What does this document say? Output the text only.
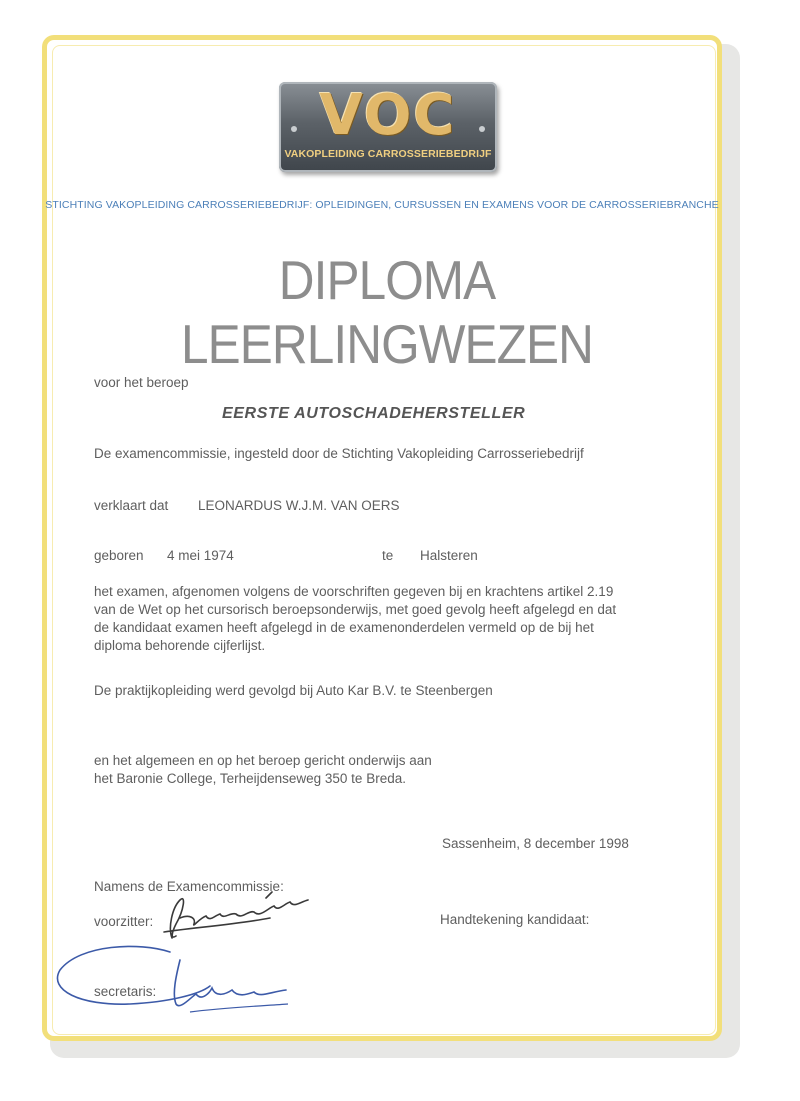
VOC
VAKOPLEIDING CARROSSERIEBEDRIJF
STICHTING VAKOPLEIDING CARROSSERIEBEDRIJF: OPLEIDINGEN, CURSUSSEN EN EXAMENS VOOR DE CARROSSERIEBRANCHE
DIPLOMA LEERLINGWEZEN
voor het beroep
EERSTE AUTOSCHADEHERSTELLER
De examencommissie, ingesteld door de Stichting Vakopleiding Carrosseriebedrijf
verklaart dat LEONARDUS W.J.M. VAN OERS
geboren 4 mei 1974	te Halsteren
het examen, afgenomen volgens de voorschriften gegeven bij en krachtens artikel 2.19
van de Wet op het cursorisch beroepsonderwijs, met goed gevolg heeft afgelegd en dat
de kandidaat examen heeft afgelegd in de examenonderdelen vermeld op de bij het
diploma behorende cijferlijst.
De praktijkopleiding werd gevolgd bij Auto Kar B.V. te Steenbergen
en het algemeen en op het beroep gericht onderwijs aan
het Baronie College, Terheijdenseweg 350 te Breda.
Sassenheim, 8 december 1998
Namens de Examencommissie:
voorzitter:	Handtekening kandidaat:
secretaris:
